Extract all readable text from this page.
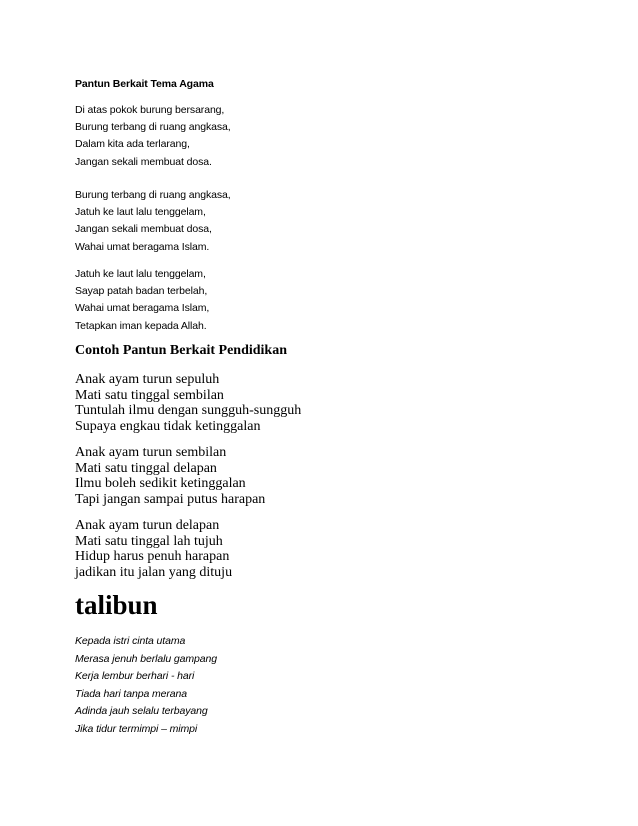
Pantun Berkait Tema Agama
Di atas pokok burung bersarang,
Burung terbang di ruang angkasa,
Dalam kita ada terlarang,
Jangan sekali membuat dosa.
Burung terbang di ruang angkasa,
Jatuh ke laut lalu tenggelam,
Jangan sekali membuat dosa,
Wahai umat beragama Islam.
Jatuh ke laut lalu tenggelam,
Sayap patah badan terbelah,
Wahai umat beragama Islam,
Tetapkan iman kepada Allah.
Contoh Pantun Berkait Pendidikan
Anak ayam turun sepuluh
Mati satu tinggal sembilan
Tuntulah ilmu dengan sungguh-sungguh
Supaya engkau tidak ketinggalan
Anak ayam turun sembilan
Mati satu tinggal delapan
Ilmu boleh sedikit ketinggalan
Tapi jangan sampai putus harapan
Anak ayam turun delapan
Mati satu tinggal lah tujuh
Hidup harus penuh harapan
jadikan itu jalan yang dituju
talibun
Kepada istri cinta utama
Merasa jenuh berlalu gampang
Kerja lembur berhari - hari
Tiada hari tanpa merana
Adinda jauh selalu terbayang
Jika tidur termimpi – mimpi
